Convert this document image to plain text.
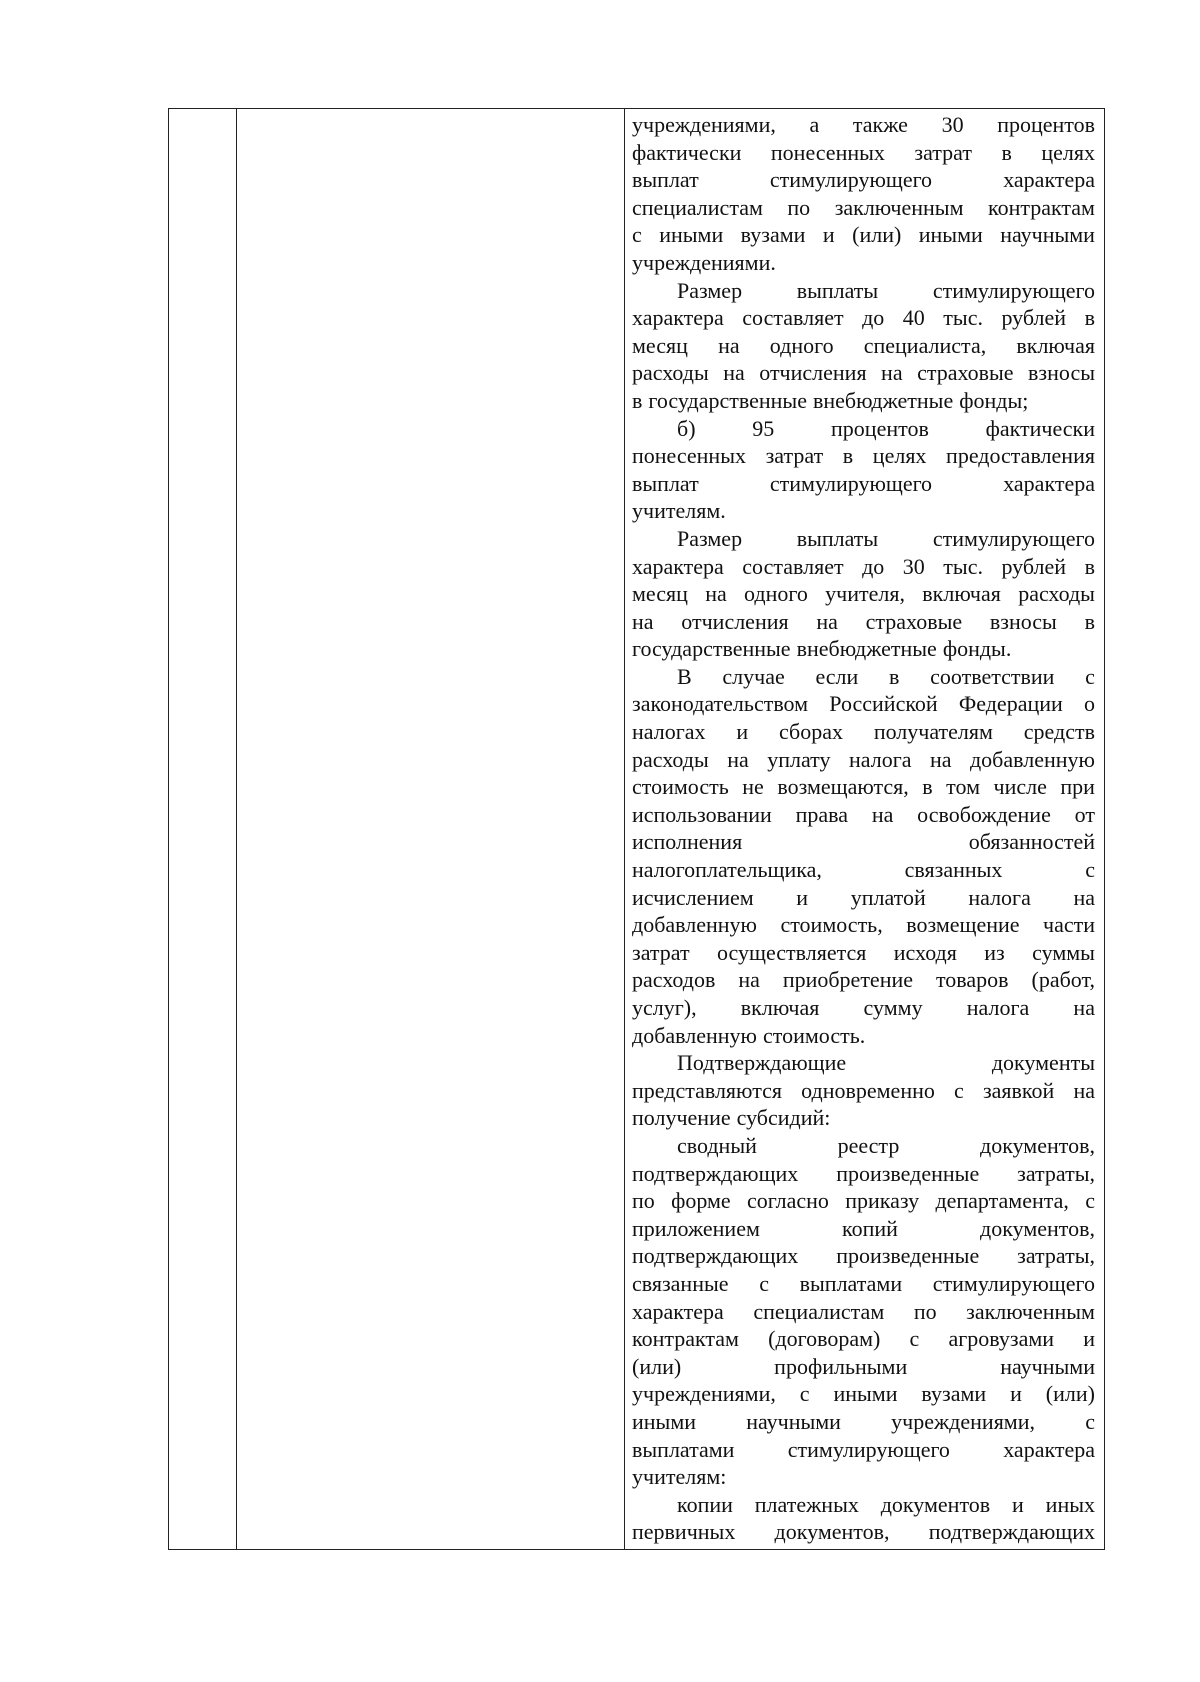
учреждениями, а также 30 процентов
фактически понесенных затрат в целях
выплат	стимулирующего	характера
специалистам по заключенным контрактам
с иными вузами и (или) иными научными
учреждениями.
Размер выплаты стимулирующего
характера составляет до 40 тыс. рублей в
месяц на одного специалиста, включая
расходы на отчисления на страховые взносы
в государственные внебюджетные фонды;
б)	95	процентов	фактически
понесенных затрат в целях предоставления
выплат	стимулирующего	характера
учителям.
Размер выплаты стимулирующего
характера составляет до 30 тыс. рублей в
месяц на одного учителя, включая расходы
на отчисления на страховые взносы в
государственные внебюджетные фонды.
В случае если в соответствии с
законодательством Российской Федерации о
налогах и сборах получателям средств
расходы на уплату налога на добавленную
стоимость не возмещаются, в том числе при
использовании права на освобождение от
исполнения	обязанностей
налогоплательщика,	связанных	с
исчислением и уплатой налога на
добавленную стоимость, возмещение части
затрат осуществляется исходя из суммы
расходов на приобретение товаров (работ,
услуг), включая сумму налога на
добавленную стоимость.
Подтверждающие	документы
представляются одновременно с заявкой на
получение субсидий:
сводный	реестр	документов,
подтверждающих произведенные затраты,
по форме согласно приказу департамента, с
приложением	копий	документов,
подтверждающих произведенные затраты,
связанные с выплатами стимулирующего
характера специалистам по заключенным
контрактам (договорам) с агровузами и
(или)	профильными	научными
учреждениями, с иными вузами и (или)
иными научными учреждениями, с
выплатами стимулирующего характера
учителям:
копии платежных документов и иных
первичных документов, подтверждающих
